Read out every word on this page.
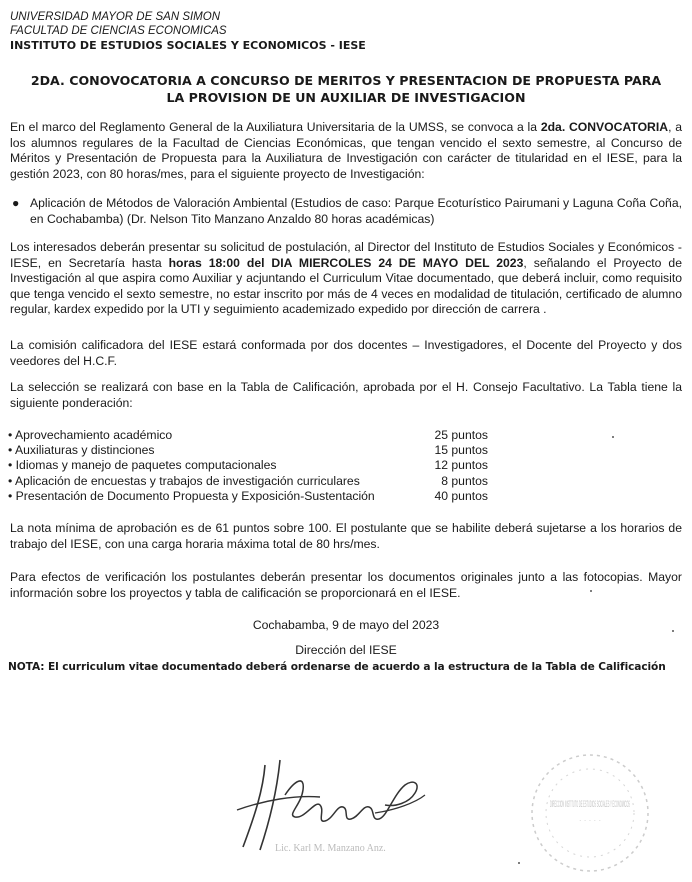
UNIVERSIDAD MAYOR DE SAN SIMON
FACULTAD DE CIENCIAS ECONOMICAS
INSTITUTO DE ESTUDIOS SOCIALES Y ECONOMICOS - IESE
2DA. CONOVOCATORIA A CONCURSO DE MERITOS Y PRESENTACION DE PROPUESTA PARA
LA PROVISION DE UN AUXILIAR DE INVESTIGACION
En el marco del Reglamento General de la Auxiliatura Universitaria de la UMSS, se convoca a la 2da. CONVOCATORIA, a los alumnos regulares de la Facultad de Ciencias Económicas, que tengan vencido el sexto semestre, al Concurso de Méritos y Presentación de Propuesta para la Auxiliatura de Investigación con carácter de titularidad en el IESE, para la gestión 2023, con 80 horas/mes, para el siguiente proyecto de Investigación:
● Aplicación de Métodos de Valoración Ambiental (Estudios de caso: Parque Ecoturístico Pairumani y Laguna Coña Coña, en Cochabamba) (Dr. Nelson Tito Manzano Anzaldo 80 horas académicas)
Los interesados deberán presentar su solicitud de postulación, al Director del Instituto de Estudios Sociales y Económicos - IESE, en Secretaría hasta horas 18:00 del DIA MIERCOLES 24 DE MAYO DEL 2023, señalando el Proyecto de Investigación al que aspira como Auxiliar y acjuntando el Curriculum Vitae documentado, que deberá incluir, como requisito que tenga vencido el sexto semestre, no estar inscrito por más de 4 veces en modalidad de titulación, certificado de alumno regular, kardex expedido por la UTI y seguimiento academizado expedido por dirección de carrera .
La comisión calificadora del IESE estará conformada por dos docentes – Investigadores, el Docente del Proyecto y dos veedores del H.C.F.
La selección se realizará con base en la Tabla de Calificación, aprobada por el H. Consejo Facultativo. La Tabla tiene la siguiente ponderación:
• Aprovechamiento académico	25 puntos
• Auxiliaturas y distinciones	15 puntos
• Idiomas y manejo de paquetes computacionales	12 puntos
• Aplicación de encuestas y trabajos de investigación curriculares	8 puntos
• Presentación de Documento Propuesta y Exposición-Sustentación	40 puntos
La nota mínima de aprobación es de 61 puntos sobre 100. El postulante que se habilite deberá sujetarse a los horarios de trabajo del IESE, con una carga horaria máxima total de 80 hrs/mes.
Para efectos de verificación los postulantes deberán presentar los documentos originales junto a las fotocopias. Mayor información sobre los proyectos y tabla de calificación se proporcionará en el IESE.
Cochabamba, 9 de mayo del 2023
Dirección del IESE
NOTA: El curriculum vitae documentado deberá ordenarse de acuerdo a la estructura de la Tabla de Calificación
Lic. Karl M. Manzano Anz.
DIRECCION INSTITUTO DE ESTUDIOS SOCIALES Y ECONOMICOS
· · · · ·
